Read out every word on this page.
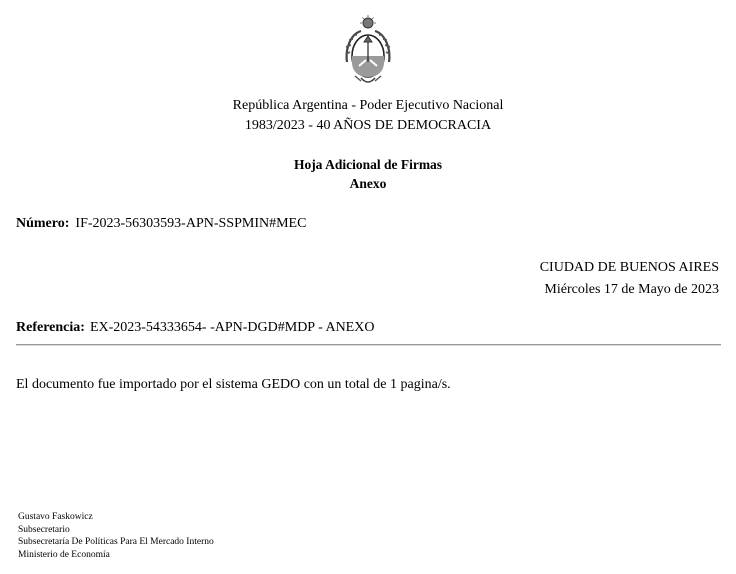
República Argentina - Poder Ejecutivo Nacional
1983/2023 - 40 AÑOS DE DEMOCRACIA
Hoja Adicional de Firmas
Anexo
Número: IF-2023-56303593-APN-SSPMIN#MEC
CIUDAD DE BUENOS AIRES
Miércoles 17 de Mayo de 2023
Referencia: EX-2023-54333654- -APN-DGD#MDP - ANEXO
El documento fue importado por el sistema GEDO con un total de 1 pagina/s.
Gustavo Faskowicz
Subsecretario
Subsecretaría De Políticas Para El Mercado Interno
Ministerio de Economía
